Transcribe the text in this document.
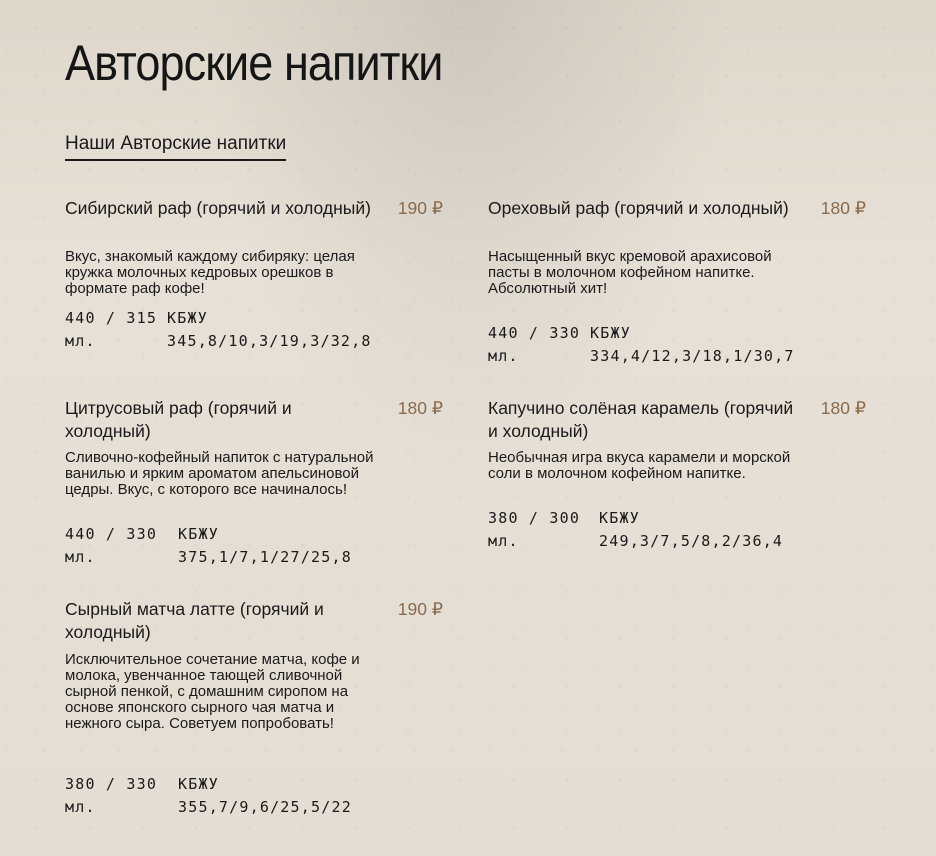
Авторские напитки
Наши Авторские напитки
Сибирский раф (горячий и холодный) 190 ₽
Вкус, знакомый каждому сибиряку: целая кружка молочных кедровых орешков в формате раф кофе!
440 / 315 КБЖУ
мл.	345,8/10,3/19,3/32,8
Ореховый раф (горячий и холодный)	180 ₽
Насыщенный вкус кремовой арахисовой пасты в молочном кофейном напитке. Абсолютный хит!
440 / 330 КБЖУ
мл.	334,4/12,3/18,1/30,7
Цитрусовый раф (горячий и холодный)
180 ₽
Сливочно-кофейный напиток с натуральной ванилью и ярким ароматом апельсиновой цедры. Вкус, с которого все начиналось!
440 / 330	КБЖУ
мл.	375,1/7,1/27/25,8
Капучино солёная карамель (горячий и холодный)
180 ₽
Необычная игра вкуса карамели и морской соли в молочном кофейном напитке.
380 / 300	КБЖУ
мл.	249,3/7,5/8,2/36,4
Сырный матча латте (горячий и холодный)
190 ₽
Исключительное сочетание матча, кофе и молока, увенчанное тающей сливочной сырной пенкой, с домашним сиропом на основе японского сырного чая матча и нежного сыра. Советуем попробовать!
380 / 330	КБЖУ
мл.	355,7/9,6/25,5/22
